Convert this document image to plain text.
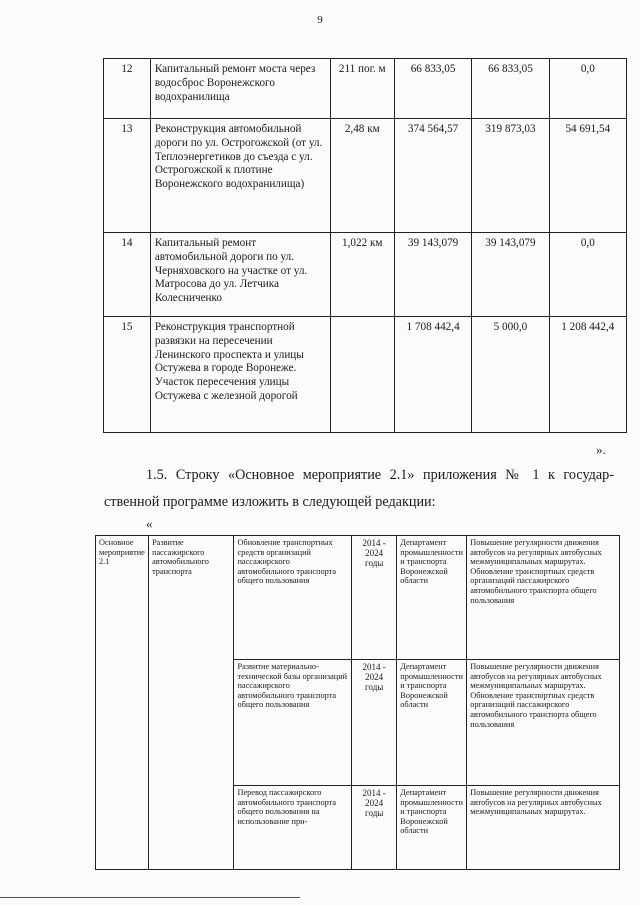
9
12	Капитальный ремонт моста через водосброс Воронежского водохранилища	211 пог. м	66 833,05	66 833,05	0,0
13	Реконструкция автомобильной дороги по ул. Острогожской (от ул. Теплоэнергетиков до съезда с ул. Острогожской к плотине Воронежского водохранилища)	2,48 км	374 564,57	319 873,03	54 691,54
14	Капитальный ремонт автомобильной дороги по ул. Черняховского на участке от ул. Матросова до ул. Летчика Колесниченко	1,022 км	39 143,079	39 143,079	0,0
15	Реконструкция транспортной развязки на пересечении Ленинского проспекта и улицы Остужева в городе Воронеже. Участок пересечения улицы Остужева с железной дорогой		1 708 442,4	5 000,0	1 208 442,4
».
1.5. Строку «Основное мероприятие 2.1» приложения № 1 к государ-
ственной программе изложить в следующей редакции:
«
Основное мероприятие 2.1	Развитие пассажирского автомобильного транспорта	Обновление транспортных средств организаций пассажирского автомобильного транспорта общего пользования	2014 - 2024 годы	Департамент промышленности и транспорта Воронежской области	Повышение регулярности движения автобусов на регулярных автобусных межмуниципальных маршрутах. Обновление транспортных средств организаций пассажирского автомобильного транспорта общего пользования
		Развитие материально-технической базы организаций пассажирского автомобильного транспорта общего пользования	2014 - 2024 годы	Департамент промышленности и транспорта Воронежской области	Повышение регулярности движения автобусов на регулярных автобусных межмуниципальных маршрутах. Обновление транспортных средств организаций пассажирского автомобильного транспорта общего пользования
		Перевод пассажирского автомобильного транспорта общего пользования на использование при-	2014 - 2024 годы	Департамент промышленности и транспорта Воронежской области	Повышение регулярности движения автобусов на регулярных автобусных межмуниципальных маршрутах.
